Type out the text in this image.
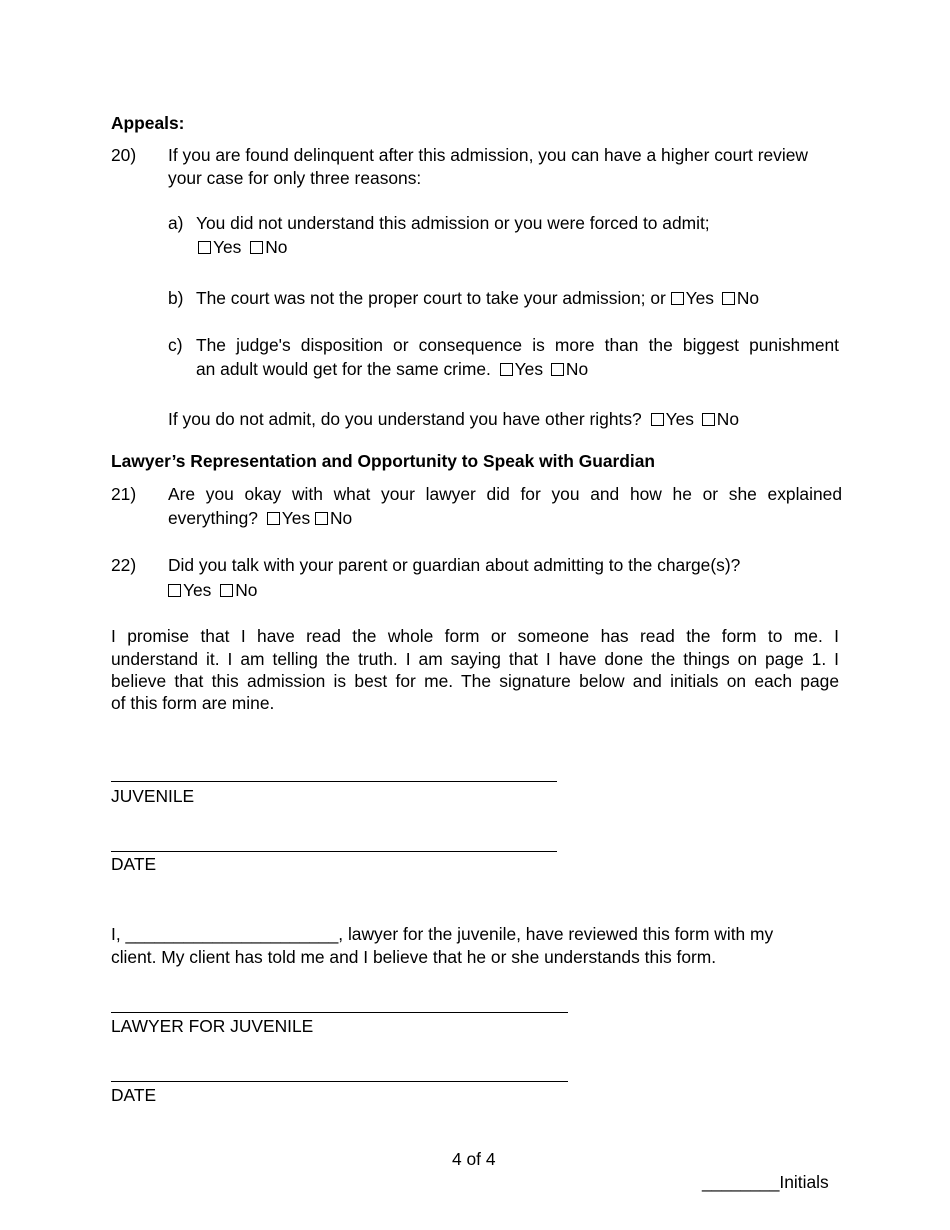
Appeals:
20) If you are found delinquent after this admission, you can have a higher court review
your case for only three reasons:
a) You did not understand this admission or you were forced to admit;
Yes No
b) The court was not the proper court to take your admission; or Yes No
c) The judge's disposition or consequence is more than the biggest punishment
an adult would get for the same crime. Yes No
If you do not admit, do you understand you have other rights? Yes No
Lawyer’s Representation and Opportunity to Speak with Guardian
21) Are you okay with what your lawyer did for you and how he or she explained
everything? Yes No
22) Did you talk with your parent or guardian about admitting to the charge(s)?
Yes No
I promise that I have read the whole form or someone has read the form to me. I
understand it. I am telling the truth. I am saying that I have done the things on page 1. I
believe that this admission is best for me. The signature below and initials on each page
of this form are mine.
JUVENILE
DATE
I, ______________________, lawyer for the juvenile, have reviewed this form with my
client. My client has told me and I believe that he or she understands this form.
LAWYER FOR JUVENILE
DATE
4 of 4
________Initials
